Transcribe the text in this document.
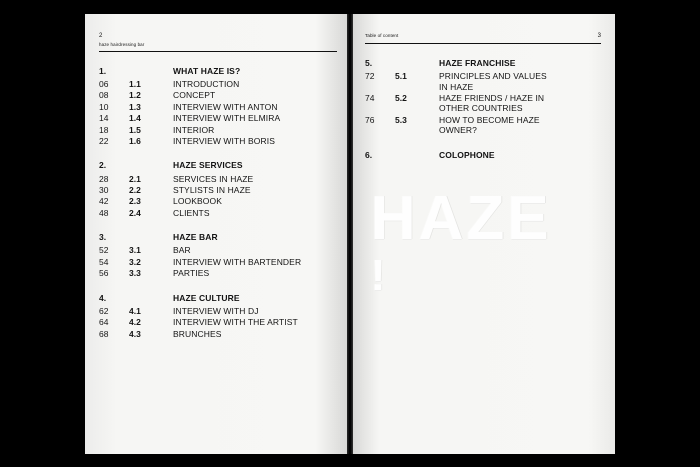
2
haze hairdressing bar
1.	WHAT HAZE IS?
06	1.1	INTRODUCTION
08	1.2	CONCEPT
10	1.3	INTERVIEW WITH ANTON
14	1.4	INTERVIEW WITH ELMIRA
18	1.5	INTERIOR
22	1.6	INTERVIEW WITH BORIS
2.	HAZE SERVICES
28	2.1	SERVICES IN HAZE
30	2.2	STYLISTS IN HAZE
42	2.3	LOOKBOOK
48	2.4	CLIENTS
3.	HAZE BAR
52	3.1	BAR
54	3.2	INTERVIEW WITH BARTENDER
56	3.3	PARTIES
4.	HAZE CULTURE
62	4.1	INTERVIEW WITH DJ
64	4.2	INTERVIEW WITH THE ARTIST
68	4.3	BRUNCHES
Table of content	3
HAZE
!
5.	HAZE FRANCHISE
72	5.1	PRINCIPLES AND VALUES
IN HAZE
74	5.2	HAZE FRIENDS / HAZE IN
OTHER COUNTRIES
76	5.3	HOW TO BECOME HAZE
OWNER?
6.	COLOPHONE
